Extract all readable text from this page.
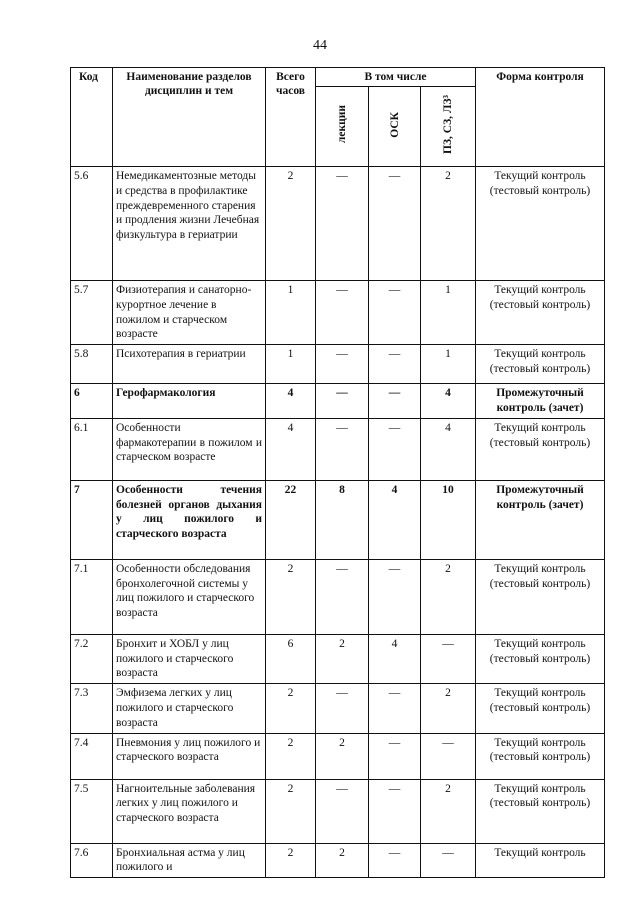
44
Код	Наименование разделов дисциплин и тем	Всего часов	В том числе			Форма контроля
			лекции	ОСК	ПЗ, СЗ, ЛЗ³	
5.6	Немедикаментозные методы и средства в профилактике преждевременного старения и продления жизни Лечебная физкультура в гериатрии	2	—	—	2	Текущий контроль (тестовый контроль)
5.7	Физиотерапия и санаторно-курортное лечение в пожилом и старческом возрасте	1	—	—	1	Текущий контроль (тестовый контроль)
5.8	Психотерапия в гериатрии	1	—	—	1	Текущий контроль (тестовый контроль)
6	Герофармакология	4	—	—	4	Промежуточный контроль (зачет)
6.1	Особенности фармакотерапии в пожилом и старческом возрасте	4	—	—	4	Текущий контроль (тестовый контроль)
7	Особенности течения болезней органов дыхания у лиц пожилого и старческого возраста	22	8	4	10	Промежуточный контроль (зачет)
7.1	Особенности обследования бронхолегочной системы у лиц пожилого и старческого возраста	2	—	—	2	Текущий контроль (тестовый контроль)
7.2	Бронхит и ХОБЛ у лиц пожилого и старческого возраста	6	2	4	—	Текущий контроль (тестовый контроль)
7.3	Эмфизема легких у лиц пожилого и старческого возраста	2	—	—	2	Текущий контроль (тестовый контроль)
7.4	Пневмония у лиц пожилого и старческого возраста	2	2	—	—	Текущий контроль (тестовый контроль)
7.5	Нагноительные заболевания легких у лиц пожилого и старческого возраста	2	—	—	2	Текущий контроль (тестовый контроль)
7.6	Бронхиальная астма у лиц пожилого и	2	2	—	—	Текущий контроль
